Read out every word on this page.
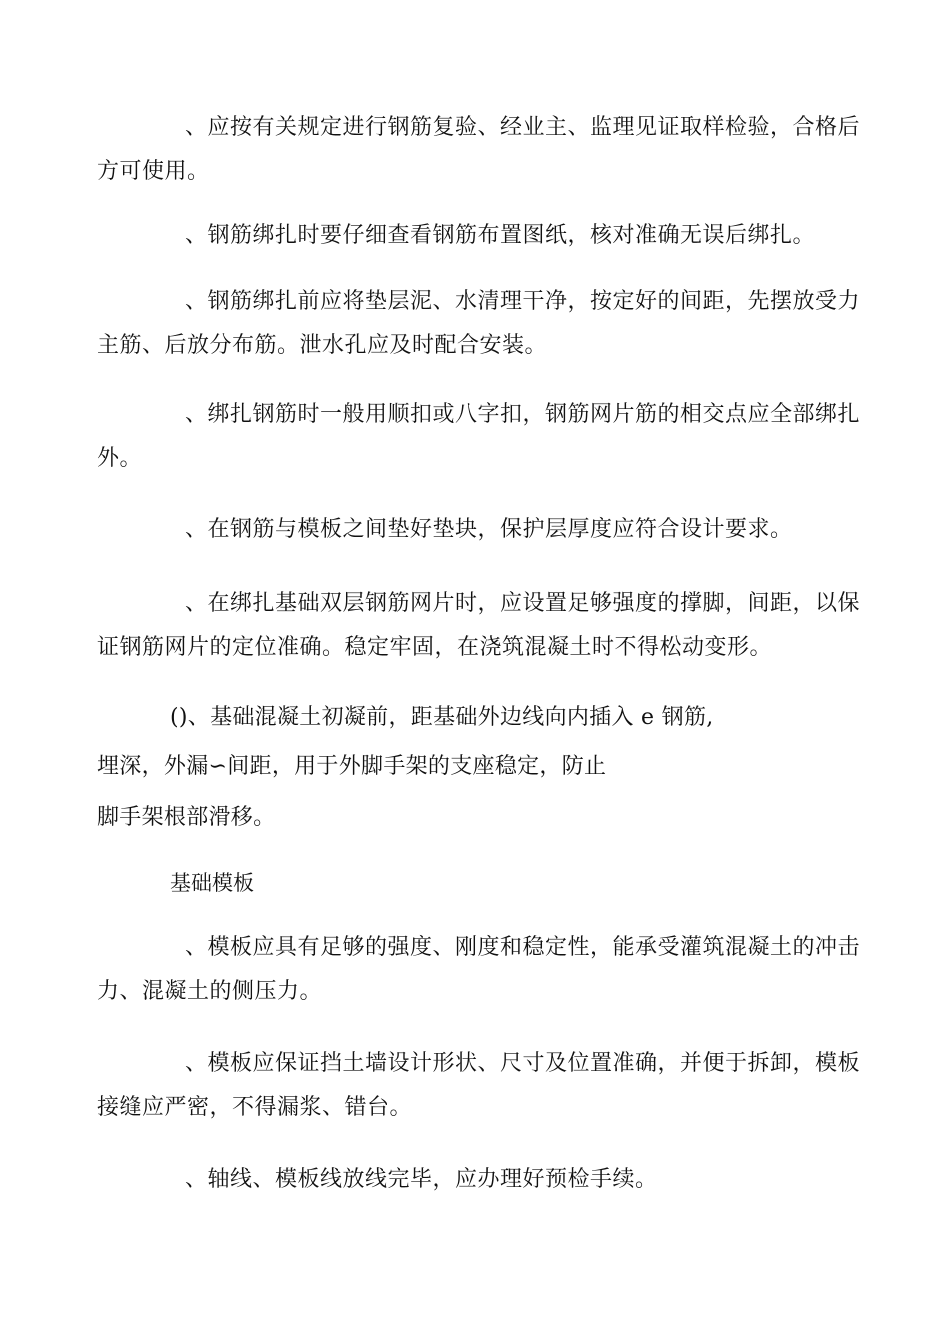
、应按有关规定进行钢筋复验、经业主、监理见证取样检验，合格后方可使用。

、钢筋绑扎时要仔细查看钢筋布置图纸，核对准确无误后绑扎。

、钢筋绑扎前应将垫层泥、水清理干净，按定好的间距，先摆放受力主筋、后放分布筋。泄水孔应及时配合安装。

、绑扎钢筋时一般用顺扣或八字扣，钢筋网片筋的相交点应全部绑扎外。

、在钢筋与模板之间垫好垫块，保护层厚度应符合设计要求。

、在绑扎基础双层钢筋网片时，应设置足够强度的撑脚，间距，以保证钢筋网片的定位准确。稳定牢固，在浇筑混凝土时不得松动变形。

()、基础混凝土初凝前，距基础外边线向内插入 e 钢筋,

埋深，外漏∽间距，用于外脚手架的支座稳定，防止

脚手架根部滑移。

基础模板

、模板应具有足够的强度、刚度和稳定性，能承受灌筑混凝土的冲击力、混凝土的侧压力。

、模板应保证挡土墙设计形状、尺寸及位置准确，并便于拆卸，模板接缝应严密，不得漏浆、错台。

、轴线、模板线放线完毕，应办理好预检手续。
